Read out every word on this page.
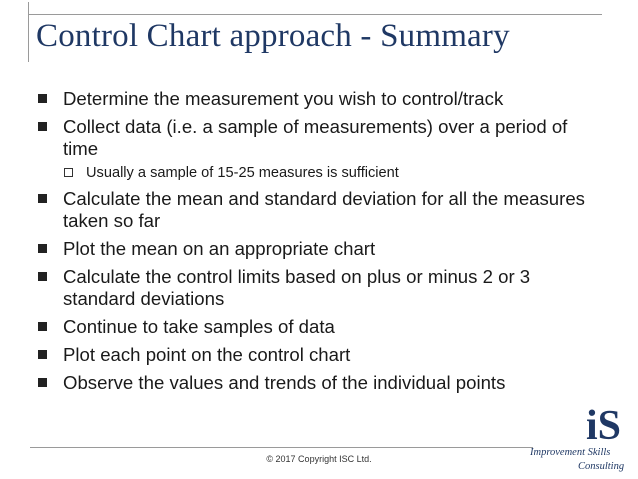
Control Chart approach - Summary
Determine the measurement you wish to control/track
Collect data (i.e. a sample of measurements) over a period of time
Usually a sample of 15-25 measures is sufficient
Calculate the mean and standard deviation for all the measures taken so far
Plot the mean on an appropriate chart
Calculate the control limits based on plus or minus 2 or 3 standard deviations
Continue to take samples of data
Plot each point on the control chart
Observe the values and trends of the individual points
© 2017 Copyright ISC Ltd.
iS
Improvement Skills
Consulting
